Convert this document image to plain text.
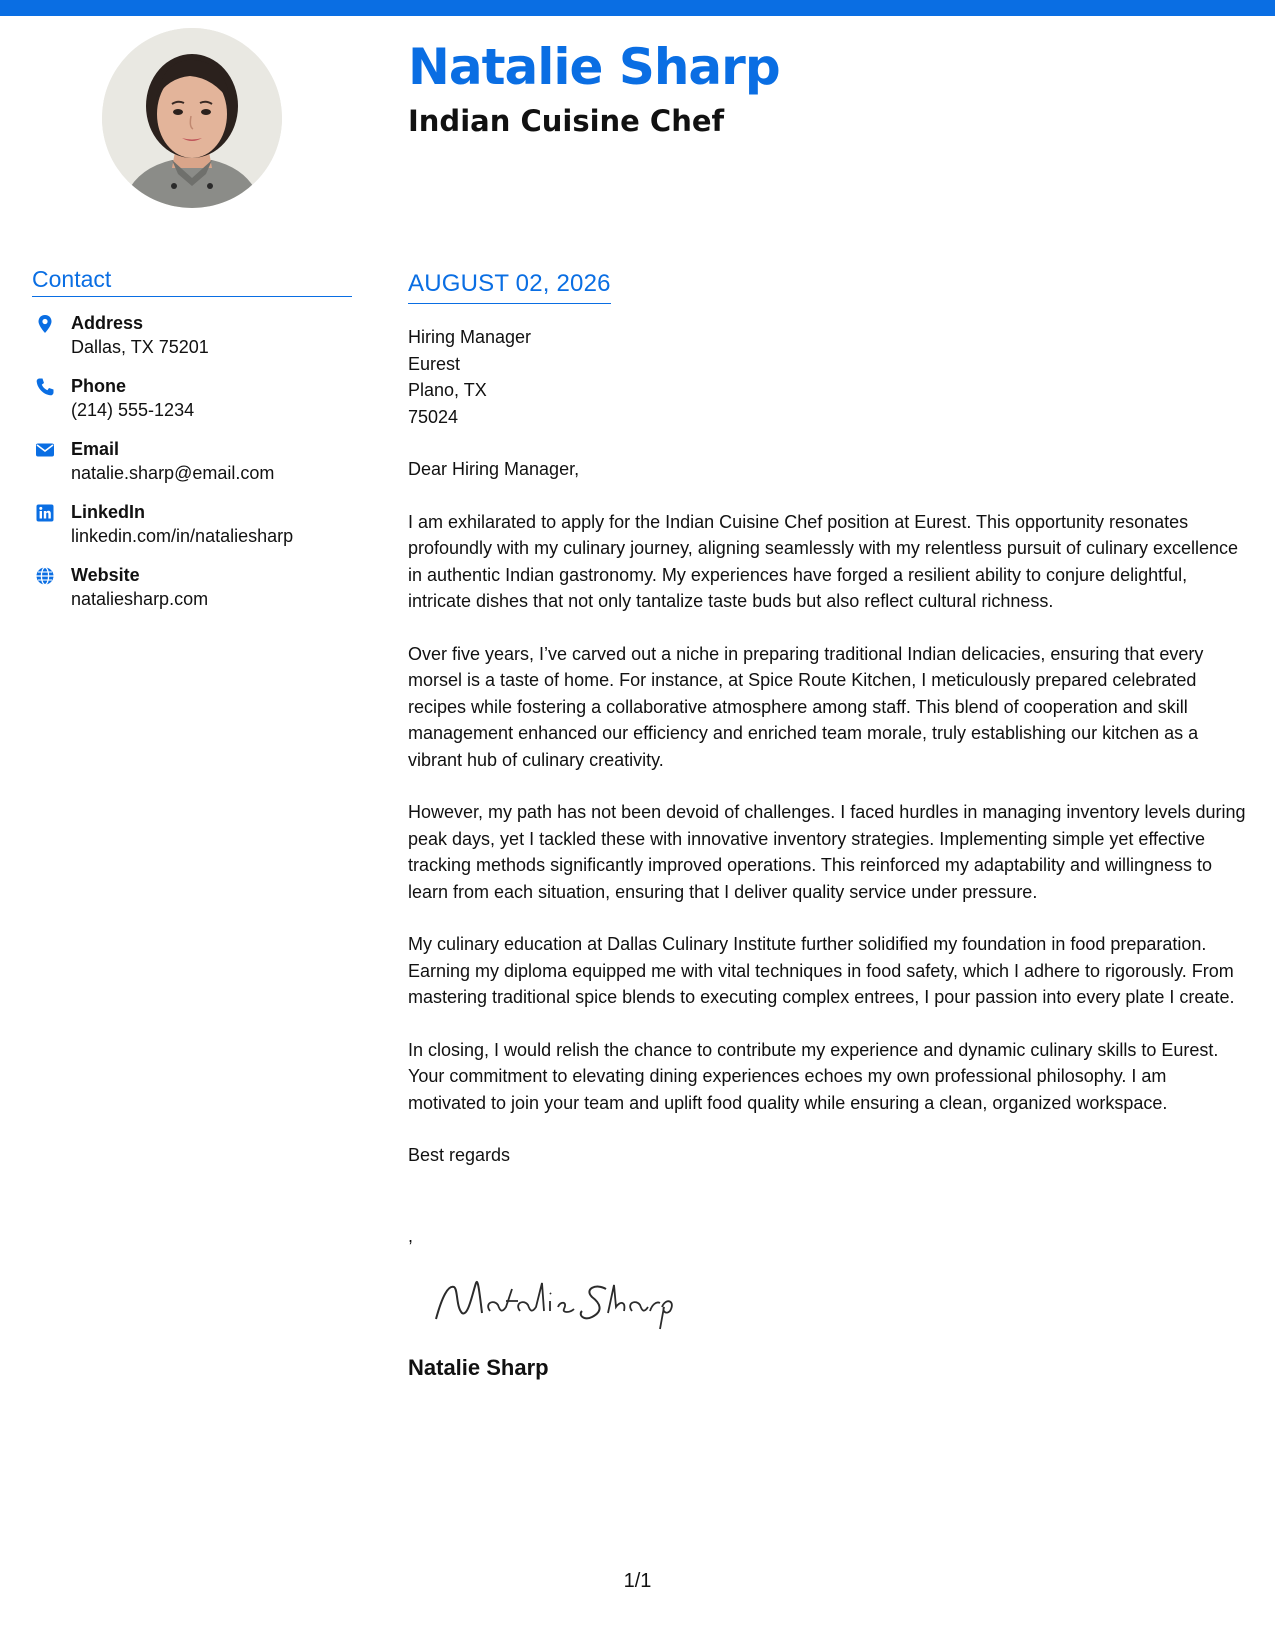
Natalie Sharp
Indian Cuisine Chef
Contact
Address
Dallas, TX 75201
Phone
(214) 555-1234
Email
natalie.sharp@email.com
LinkedIn
linkedin.com/in/nataliesharp
Website
nataliesharp.com
AUGUST 02, 2026
Hiring Manager
Eurest
Plano, TX
75024

Dear Hiring Manager,

I am exhilarated to apply for the Indian Cuisine Chef position at Eurest. This opportunity resonates profoundly with my culinary journey, aligning seamlessly with my relentless pursuit of culinary excellence in authentic Indian gastronomy. My experiences have forged a resilient ability to conjure delightful, intricate dishes that not only tantalize taste buds but also reflect cultural richness.

Over five years, I’ve carved out a niche in preparing traditional Indian delicacies, ensuring that every morsel is a taste of home. For instance, at Spice Route Kitchen, I meticulously prepared celebrated recipes while fostering a collaborative atmosphere among staff. This blend of cooperation and skill management enhanced our efficiency and enriched team morale, truly establishing our kitchen as a vibrant hub of culinary creativity.

However, my path has not been devoid of challenges. I faced hurdles in managing inventory levels during peak days, yet I tackled these with innovative inventory strategies. Implementing simple yet effective tracking methods significantly improved operations. This reinforced my adaptability and willingness to learn from each situation, ensuring that I deliver quality service under pressure.

My culinary education at Dallas Culinary Institute further solidified my foundation in food preparation. Earning my diploma equipped me with vital techniques in food safety, which I adhere to rigorously. From mastering traditional spice blends to executing complex entrees, I pour passion into every plate I create.

In closing, I would relish the chance to contribute my experience and dynamic culinary skills to Eurest. Your commitment to elevating dining experiences echoes my own professional philosophy. I am motivated to join your team and uplift food quality while ensuring a clean, organized workspace.

Best regards

,

Natalie Sharp
1/1
